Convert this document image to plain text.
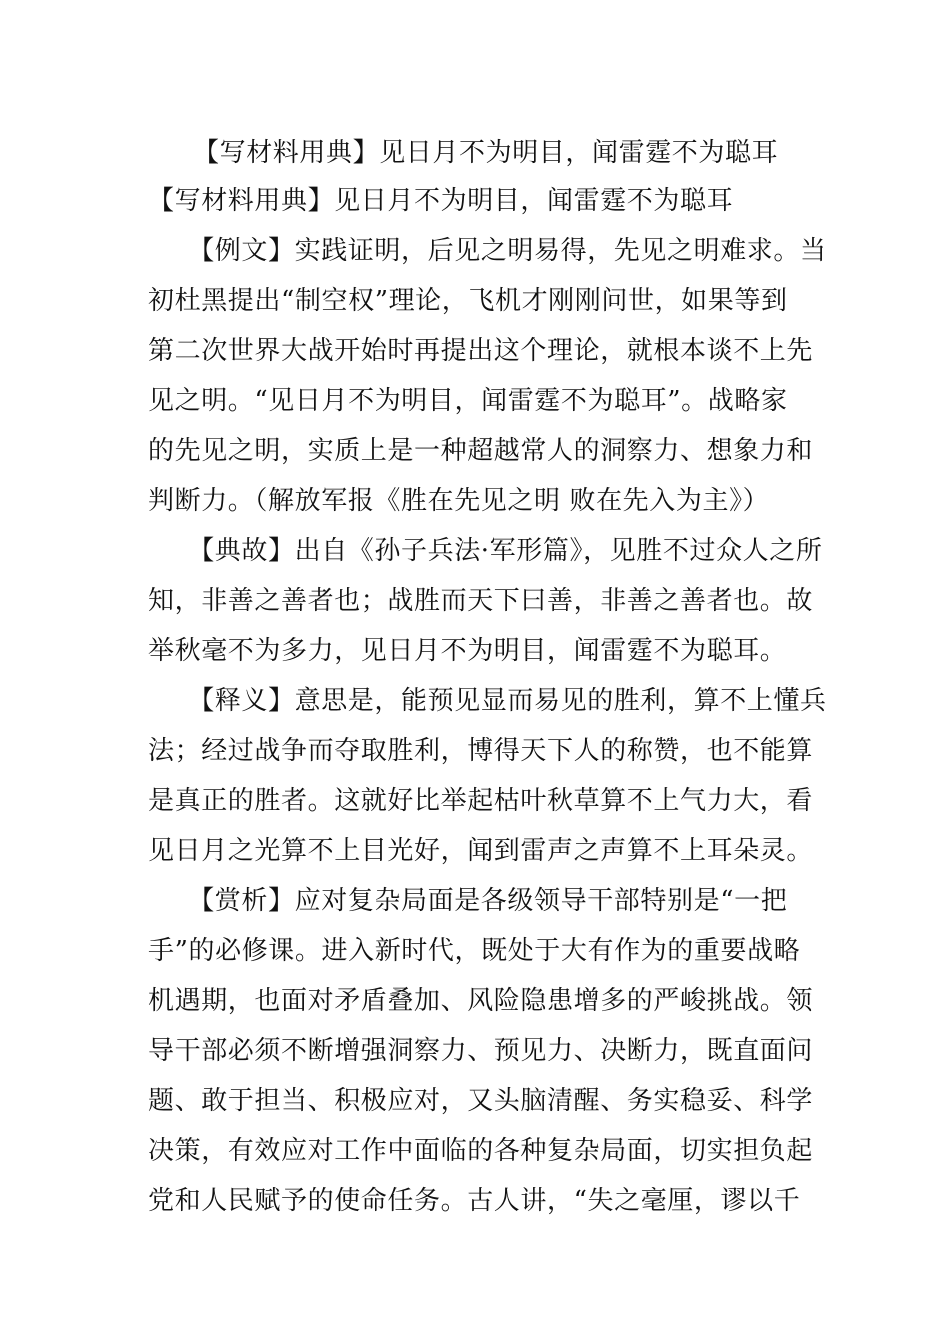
【写材料用典】见日月不为明目，闻雷霆不为聪耳
【写材料用典】见日月不为明目，闻雷霆不为聪耳
　　【例文】实践证明，后见之明易得，先见之明难求。当
初杜黑提出“制空权”理论，飞机才刚刚问世，如果等到
第二次世界大战开始时再提出这个理论，就根本谈不上先
见之明。“见日月不为明目，闻雷霆不为聪耳”。战略家
的先见之明，实质上是一种超越常人的洞察力、想象力和
判断力。（解放军报《胜在先见之明 败在先入为主》）
　　【典故】出自《孙子兵法·军形篇》，见胜不过众人之所
知，非善之善者也；战胜而天下曰善，非善之善者也。故
举秋毫不为多力，见日月不为明目，闻雷霆不为聪耳。
　　【释义】意思是，能预见显而易见的胜利，算不上懂兵
法；经过战争而夺取胜利，博得天下人的称赞，也不能算
是真正的胜者。这就好比举起枯叶秋草算不上气力大，看
见日月之光算不上目光好，闻到雷声之声算不上耳朵灵。
　　【赏析】应对复杂局面是各级领导干部特别是“一把
手”的必修课。进入新时代，既处于大有作为的重要战略
机遇期，也面对矛盾叠加、风险隐患增多的严峻挑战。领
导干部必须不断增强洞察力、预见力、决断力，既直面问
题、敢于担当、积极应对，又头脑清醒、务实稳妥、科学
决策，有效应对工作中面临的各种复杂局面，切实担负起
党和人民赋予的使命任务。古人讲，“失之毫厘，谬以千
